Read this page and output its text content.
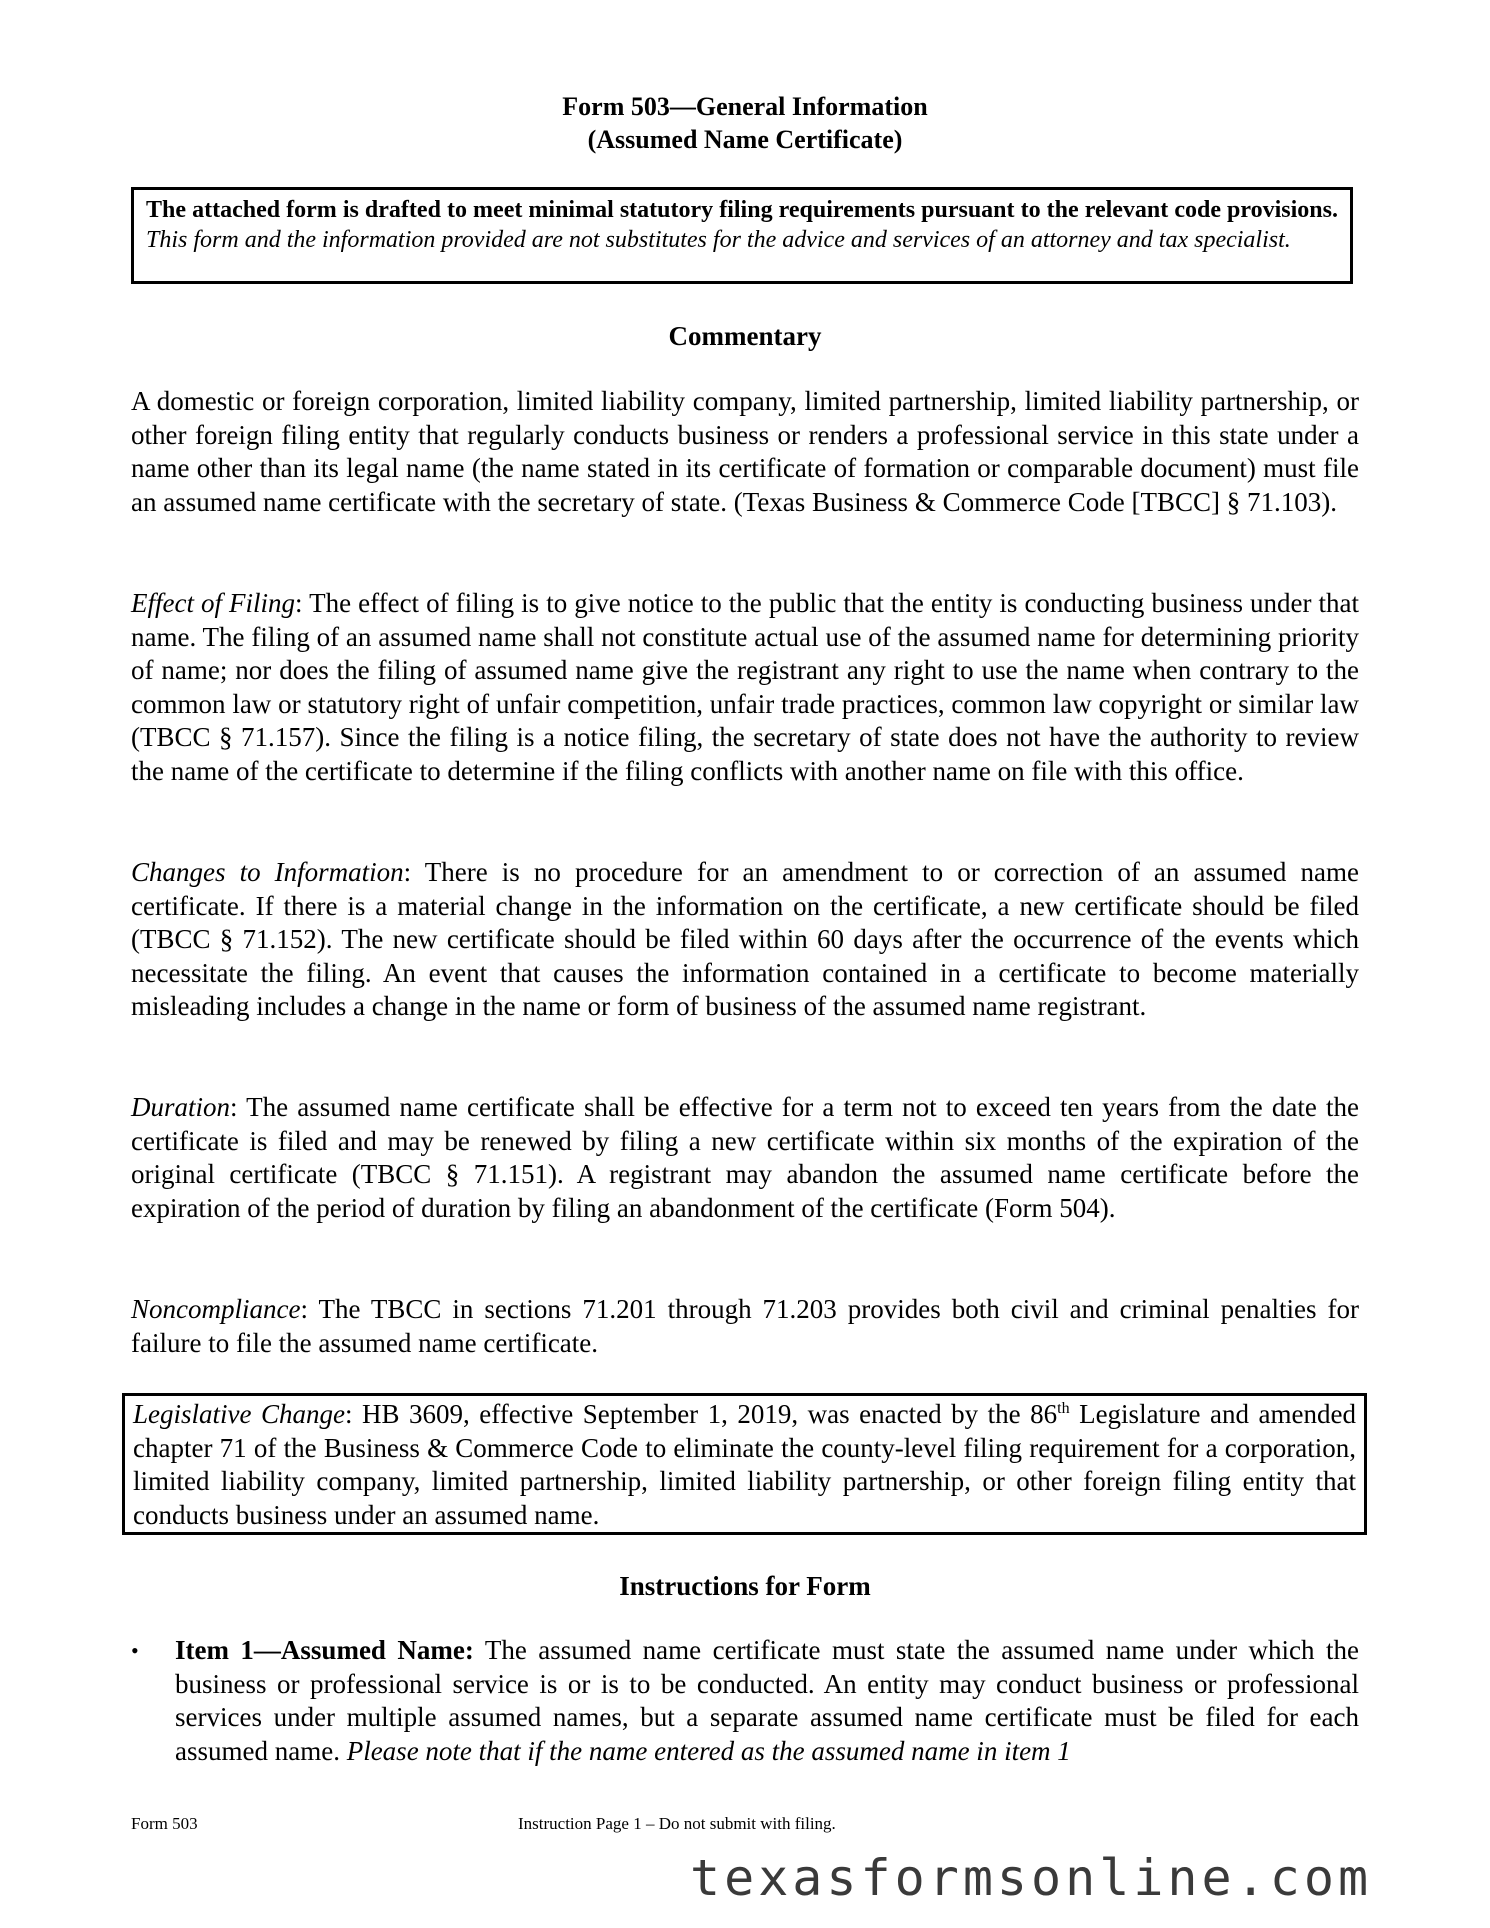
Form 503—General Information
(Assumed Name Certificate)
The attached form is drafted to meet minimal statutory filing requirements pursuant to the relevant code provisions. This form and the information provided are not substitutes for the advice and services of an attorney and tax specialist.
Commentary
A domestic or foreign corporation, limited liability company, limited partnership, limited liability partnership, or other foreign filing entity that regularly conducts business or renders a professional service in this state under a name other than its legal name (the name stated in its certificate of formation or comparable document) must file an assumed name certificate with the secretary of state. (Texas Business & Commerce Code [TBCC] § 71.103).
Effect of Filing: The effect of filing is to give notice to the public that the entity is conducting business under that name. The filing of an assumed name shall not constitute actual use of the assumed name for determining priority of name; nor does the filing of assumed name give the registrant any right to use the name when contrary to the common law or statutory right of unfair competition, unfair trade practices, common law copyright or similar law (TBCC § 71.157). Since the filing is a notice filing, the secretary of state does not have the authority to review the name of the certificate to determine if the filing conflicts with another name on file with this office.
Changes to Information: There is no procedure for an amendment to or correction of an assumed name certificate. If there is a material change in the information on the certificate, a new certificate should be filed (TBCC § 71.152). The new certificate should be filed within 60 days after the occurrence of the events which necessitate the filing. An event that causes the information contained in a certificate to become materially misleading includes a change in the name or form of business of the assumed name registrant.
Duration: The assumed name certificate shall be effective for a term not to exceed ten years from the date the certificate is filed and may be renewed by filing a new certificate within six months of the expiration of the original certificate (TBCC § 71.151). A registrant may abandon the assumed name certificate before the expiration of the period of duration by filing an abandonment of the certificate (Form 504).
Noncompliance: The TBCC in sections 71.201 through 71.203 provides both civil and criminal penalties for failure to file the assumed name certificate.
Legislative Change: HB 3609, effective September 1, 2019, was enacted by the 86th Legislature and amended chapter 71 of the Business & Commerce Code to eliminate the county-level filing requirement for a corporation, limited liability company, limited partnership, limited liability partnership, or other foreign filing entity that conducts business under an assumed name.
Instructions for Form
• Item 1—Assumed Name: The assumed name certificate must state the assumed name under which the business or professional service is or is to be conducted. An entity may conduct business or professional services under multiple assumed names, but a separate assumed name certificate must be filed for each assumed name. Please note that if the name entered as the assumed name in item 1
Form 503	Instruction Page 1 – Do not submit with filing.
texasformsonline.com
